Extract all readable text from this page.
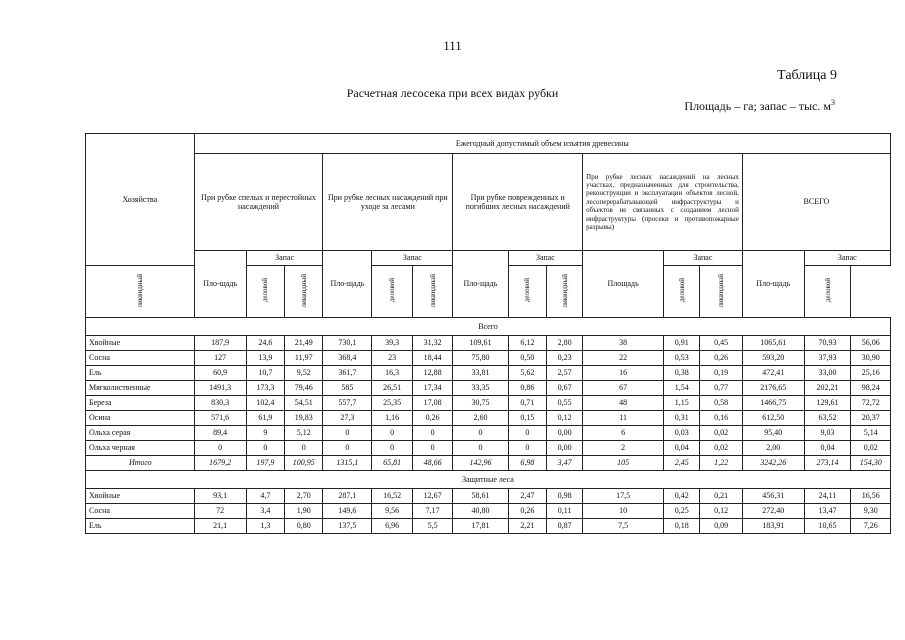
111
Таблица 9
Расчетная лесосека при всех видах рубки
Площадь – га; запас – тыс. $м^3$
Хозяйства	Ежегодный допустимый объем изъятия древесины														
	При рубке спелых и перестойных насаждений			При рубке лесных насаждений при уходе за лесами			При рубке поврежденных и погибших лесных насаждений			При рубке лесных насаждений на лесных участках, предназначенных для строительства, реконструкции и эксплуатации объектов лесной, лесоперерабатывающей инфраструктуры и объектов не связанных с созданием лесной инфраструктуры (просеки и противопожарные разрывы)			ВСЕГО		
	Пло-щадь	Запас		Пло-щадь	Запас		Пло-щадь	Запас		Площадь	Запас		Пло-щадь	Запас	
ликвидный		деловой	ликвидный		деловой	ликвидный		деловой	ликвидный		деловой	ликвидный		деловой	
Всего															
Хвойные	187,9	24,6	21,49	730,1	39,3	31,32	109,61	6,12	2,80	38	0,91	0,45	1065,61	70,93	56,06
Сосна	127	13,9	11,97	368,4	23	18,44	75,80	0,50	0,23	22	0,53	0,26	593,20	37,93	30,90
Ель	60,9	10,7	9,52	361,7	16,3	12,88	33,81	5,62	2,57	16	0,38	0,19	472,41	33,00	25,16
Мягколиственные	1491,3	173,3	79,46	585	26,51	17,34	33,35	0,86	0,67	67	1,54	0,77	2176,65	202,21	98,24
Береза	830,3	102,4	54,51	557,7	25,35	17,08	30,75	0,71	0,55	48	1,15	0,58	1466,75	129,61	72,72
Осина	571,6	61,9	19,83	27,3	1,16	0,26	2,60	0,15	0,12	11	0,31	0,16	612,50	63,52	20,37
Ольха серая	89,4	9	5,12	0	0	0	0	0	0,00	6	0,03	0,02	95,40	9,03	5,14
Ольха черная	0	0	0	0	0	0	0	0	0,00	2	0,04	0,02	2,00	0,04	0,02
Итого	1679,2	197,9	100,95	1315,1	65,81	48,66	142,96	6,98	3,47	105	2,45	1,22	3242,26	273,14	154,30
Защитные леса															
Хвойные	93,1	4,7	2,70	287,1	16,52	12,67	58,61	2,47	0,98	17,5	0,42	0,21	456,31	24,11	16,56
Сосна	72	3,4	1,90	149,6	9,56	7,17	40,80	0,26	0,11	10	0,25	0,12	272,40	13,47	9,30
Ель	21,1	1,3	0,80	137,5	6,96	5,5	17,81	2,21	0,87	7,5	0,18	0,09	183,91	10,65	7,26
